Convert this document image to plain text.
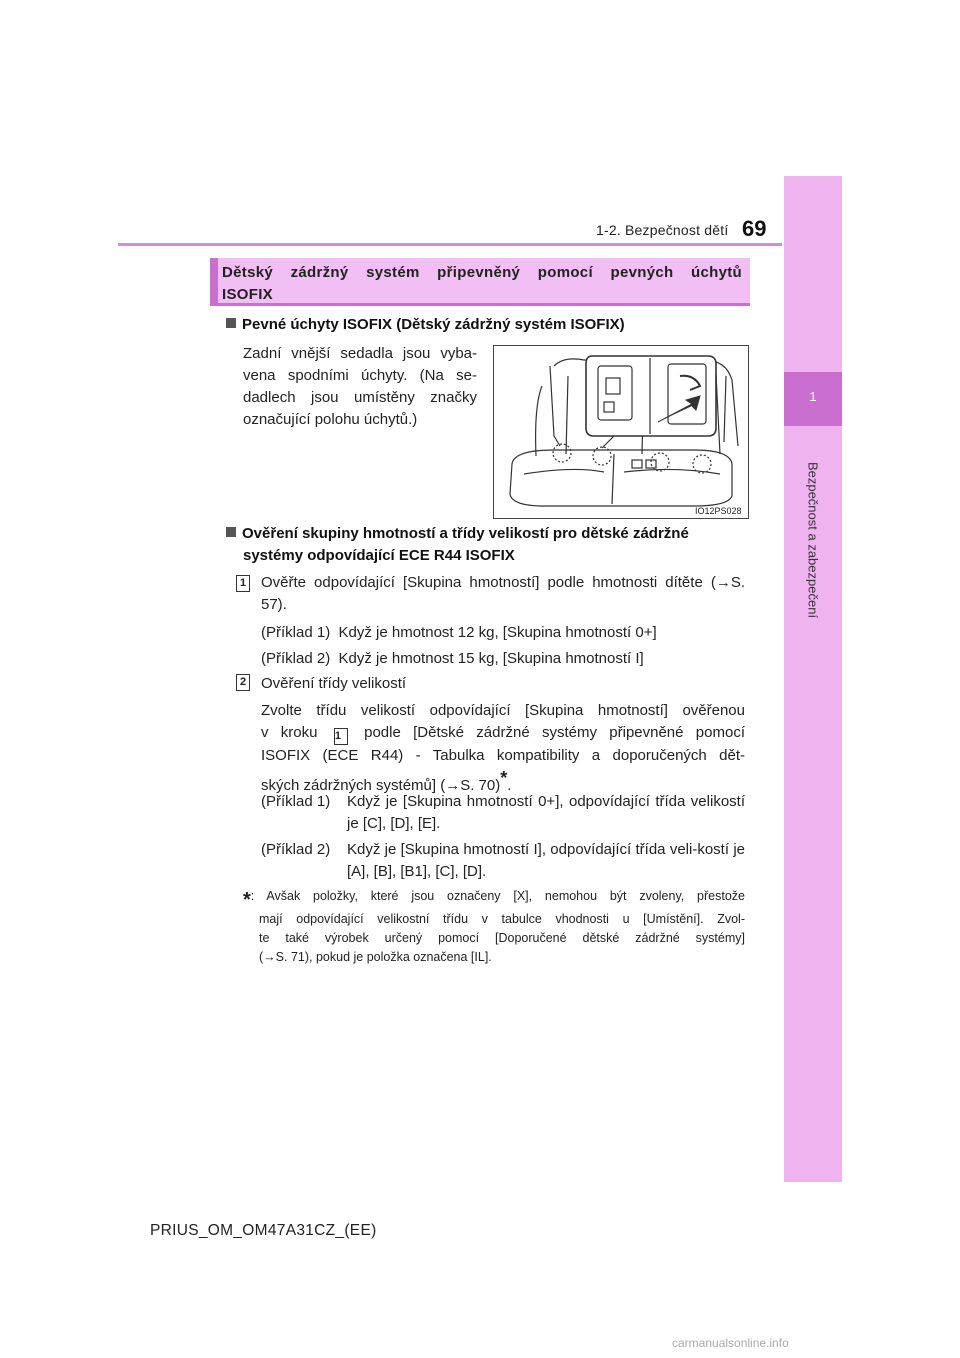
1-2. Bezpečnost dětí 69
1
Bezpečnost a zabezpečení
Dětský zádržný systém připevněný pomocí pevných úchytů
ISOFIX
Pevné úchyty ISOFIX (Dětský zádržný systém ISOFIX)
Zadní vnější sedadla jsou vyba-vena spodními úchyty. (Na se-dadlech jsou umístěny značky označující polohu úchytů.)
IO12PS028
Ověření skupiny hmotností a třídy velikostí pro dětské zádržné
systémy odpovídající ECE R44 ISOFIX
1 Ověřte odpovídající [Skupina hmotností] podle hmotnosti dítěte (→S. 57).
(Příklad 1)  Když je hmotnost 12 kg, [Skupina hmotností 0+]
(Příklad 2)  Když je hmotnost 15 kg, [Skupina hmotností I]
2 Ověření třídy velikostí
Zvolte třídu velikostí odpovídající [Skupina hmotností] ověřenou
v kroku 1 podle [Dětské zádržné systémy připevněné pomocí
ISOFIX (ECE R44) - Tabulka kompatibility a doporučených dět-
ských zádržných systémů] (→S. 70)*.
(Příklad 1)	Když je [Skupina hmotností 0+], odpovídající třída velikostí je [C], [D], [E].
(Příklad 2)	Když je [Skupina hmotností I], odpovídající třída veli-kostí je [A], [B], [B1], [C], [D].
*: Avšak položky, které jsou označeny [X], nemohou být zvoleny, přestože
mají odpovídající velikostní třídu v tabulce vhodnosti u [Umístění]. Zvol-
te také výrobek určený pomocí [Doporučené dětské zádržné systémy]
(→S. 71), pokud je položka označena [IL].
PRIUS_OM_OM47A31CZ_(EE)
carmanualsonline.info
